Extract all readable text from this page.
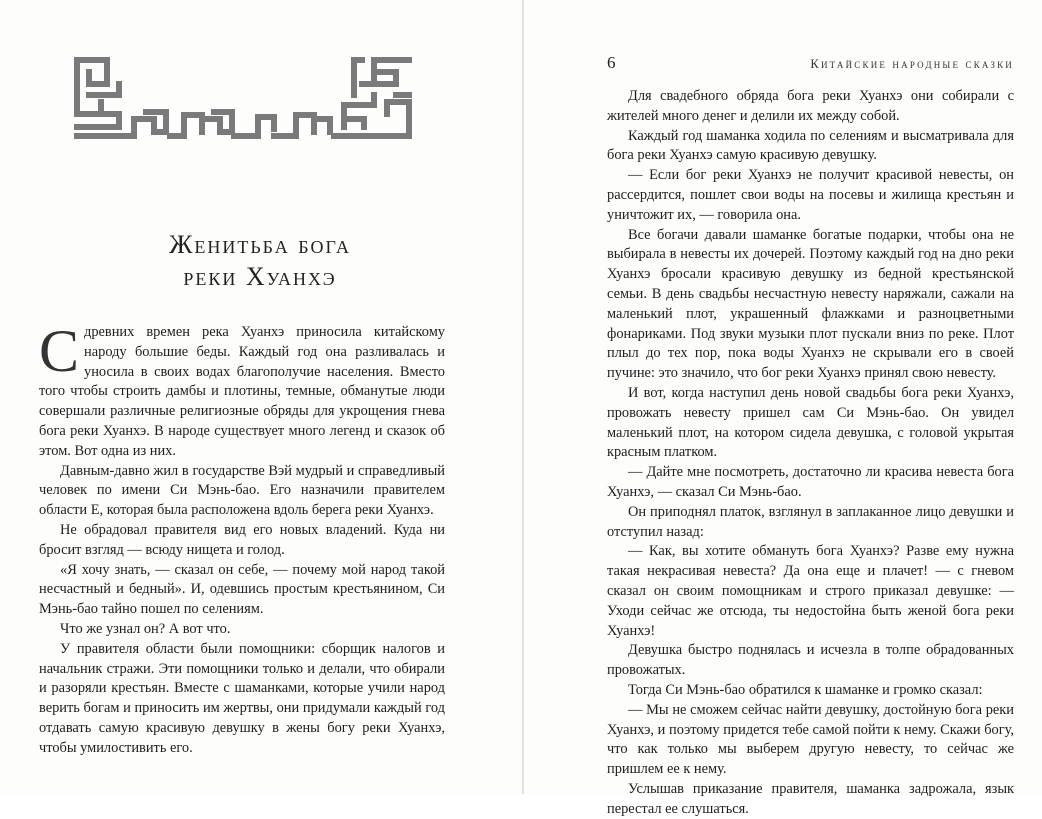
Женитьба бога
реки Хуанхэ

Сдревних времен река Хуанхэ приносила китайскому народу большие беды. Каждый год она разливалась и уносила в своих водах благополучие населения. Вместо того чтобы строить дамбы и плотины, темные, обманутые люди совершали различные религиозные обряды для укрощения гнева бога реки Хуанхэ. В народе существует много легенд и сказок об этом. Вот одна из них.

Давным-давно жил в государстве Вэй мудрый и справедливый человек по имени Си Мэнь-бао. Его назначили правителем области Е, которая была расположена вдоль берега реки Хуанхэ.

Не обрадовал правителя вид его новых владений. Куда ни бросит взгляд — всюду нищета и голод.

«Я хочу знать, — сказал он себе, — почему мой народ такой несчастный и бедный». И, одевшись простым крестьянином, Си Мэнь-бао тайно пошел по селениям.

Что же узнал он? А вот что.

У правителя области были помощники: сборщик налогов и начальник стражи. Эти помощники только и делали, что обирали и разоряли крестьян. Вместе с шаманками, которые учили народ верить богам и приносить им жертвы, они придумали каждый год отдавать самую красивую девушку в жены богу реки Хуанхэ, чтобы умилостивить его.

6	Китайские народные сказки

Для свадебного обряда бога реки Хуанхэ они собирали с жителей много денег и делили их между собой.

Каждый год шаманка ходила по селениям и высматривала для бога реки Хуанхэ самую красивую девушку.

— Если бог реки Хуанхэ не получит красивой невесты, он рассердится, пошлет свои воды на посевы и жилища крестьян и уничтожит их, — говорила она.

Все богачи давали шаманке богатые подарки, чтобы она не выбирала в невесты их дочерей. Поэтому каждый год на дно реки Хуанхэ бросали красивую девушку из бедной крестьянской семьи. В день свадьбы несчастную невесту наряжали, сажали на маленький плот, украшенный флажками и разноцветными фонариками. Под звуки музыки плот пускали вниз по реке. Плот плыл до тех пор, пока воды Хуанхэ не скрывали его в своей пучине: это значило, что бог реки Хуанхэ принял свою невесту.

И вот, когда наступил день новой свадьбы бога реки Хуанхэ, провожать невесту пришел сам Си Мэнь-бао. Он увидел маленький плот, на котором сидела девушка, с головой укрытая красным платком.

— Дайте мне посмотреть, достаточно ли красива невеста бога Хуанхэ, — сказал Си Мэнь-бао.

Он приподнял платок, взглянул в заплаканное лицо девушки и отступил назад:

— Как, вы хотите обмануть бога Хуанхэ? Разве ему нужна такая некрасивая невеста? Да она еще и плачет! — с гневом сказал он своим помощникам и строго приказал девушке: — Уходи сейчас же отсюда, ты недостойна быть женой бога реки Хуанхэ!

Девушка быстро поднялась и исчезла в толпе обрадованных провожатых.

Тогда Си Мэнь-бао обратился к шаманке и громко сказал:

— Мы не сможем сейчас найти девушку, достойную бога реки Хуанхэ, и поэтому придется тебе самой пойти к нему. Скажи богу, что как только мы выберем другую невесту, то сейчас же пришлем ее к нему.

Услышав приказание правителя, шаманка задрожала, язык перестал ее слушаться.
